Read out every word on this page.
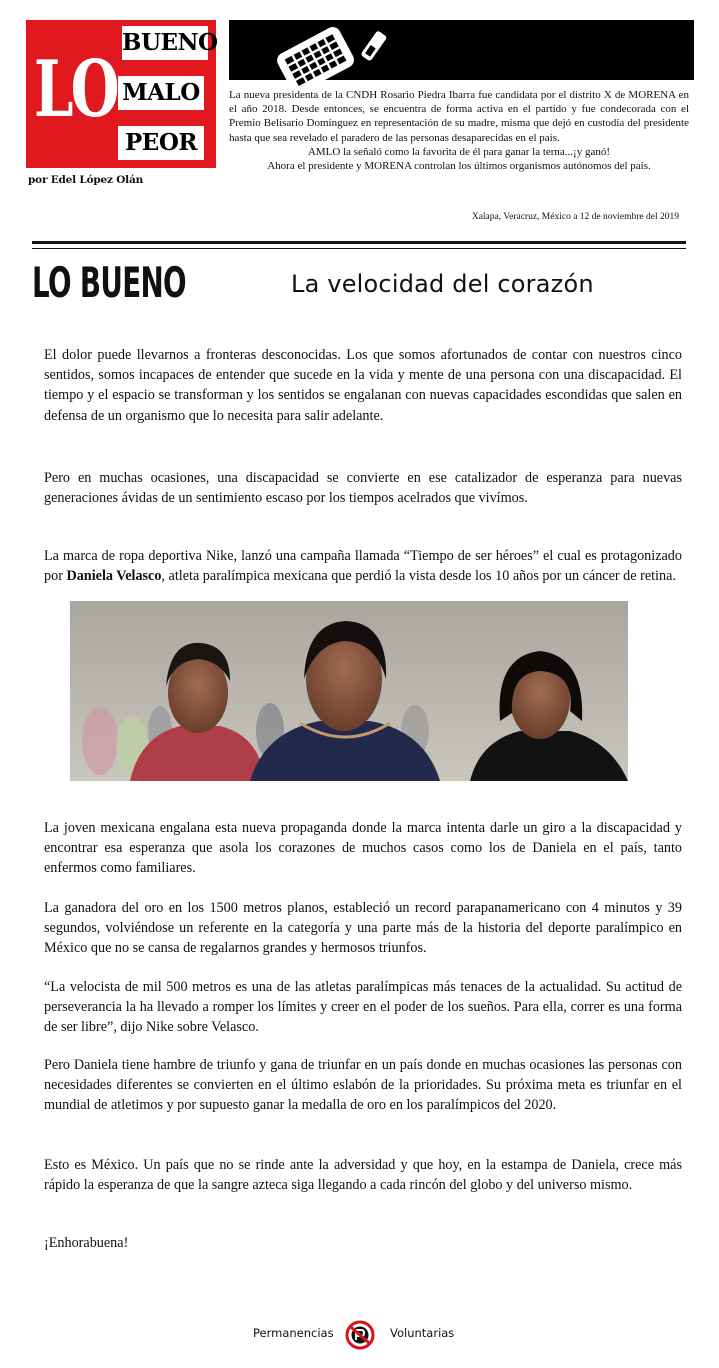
LO
BUENO
MALO
PEOR
por Edel López Olán

La nueva presidenta de la CNDH Rosario Piedra Ibarra fue candidata por el distrito X de MORENA en el año 2018. Desde entonces, se encuentra de forma activa en el partido y fue condecorada con el Premio Belisario Domínguez en representación de su madre, misma que dejó en custodia del presidente hasta que sea revelado el paradero de las personas desaparecidas en el país.

AMLO la señaló como la favorita de él para ganar la terna...¡y ganó!

Ahora el presidente y MORENA controlan los últimos organismos autónomos del país.

Xalapa, Veracruz, México a 12 de noviembre del 2019
LO BUENO	La velocidad del corazón

El dolor puede llevarnos a fronteras desconocidas. Los que somos afortunados de contar con nuestros cinco sentidos, somos incapaces de entender que sucede en la vida y mente de una persona con una discapacidad. El tiempo y el espacio se transforman y los sentidos se engalanan con nuevas capacidades escondidas que salen en defensa de un organismo que lo necesita para salir adelante.

Pero en muchas ocasiones, una discapacidad se convierte en ese catalizador de esperanza para nuevas generaciones ávidas de un sentimiento escaso por los tiempos acelrados que vivímos.

La marca de ropa deportiva Nike, lanzó una campaña llamada “Tiempo de ser héroes” el cual es protagonizado por Daniela Velasco, atleta paralímpica mexicana que perdió la vista desde los 10 años por un cáncer de retina.

La joven mexicana engalana esta nueva propaganda donde la marca intenta darle un giro a la discapacidad y encontrar esa esperanza que asola los corazones de muchos casos como los de Daniela en el país, tanto enfermos como familiares.

La ganadora del oro en los 1500 metros planos, estableció un record parapanamericano con 4 minutos y 39 segundos, volviéndose un referente en la categoría y una parte más de la historia del deporte paralímpico en México que no se cansa de regalarnos grandes y hermosos triunfos.

“La velocista de mil 500 metros es una de las atletas paralímpicas más tenaces de la actualidad. Su actitud de perseverancia la ha llevado a romper los límites y creer en el poder de los sueños. Para ella, correr es una forma de ser libre”, dijo Nike sobre Velasco.

Pero Daniela tiene hambre de triunfo y gana de triunfar en un país donde en muchas ocasiones las personas con necesidades diferentes se convierten en el último eslabón de la prioridades. Su próxima meta es triunfar en el mundial de atletimos y por supuesto ganar la medalla de oro en los paralímpicos del 2020.

Esto es México. Un país que no se rinde ante la adversidad y que hoy, en la estampa de Daniela, crece más rápido la esperanza de que la sangre azteca siga llegando a cada rincón del globo y del universo mismo.

¡Enhorabuena!

Permanencias	Voluntarias
